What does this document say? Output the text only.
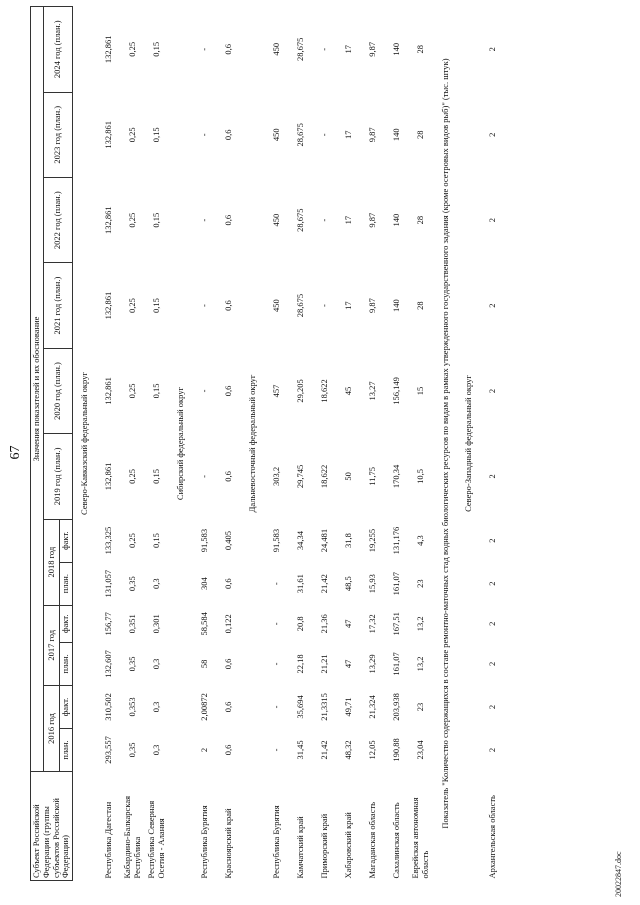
67
Субъект Российской Федерации (группы субъектов Российской Федерации)	Значения показателей и их обоснование											
	2016 год		2017 год		2018 год		2019 год (план.)	2020 год (план.)	2021 год (план.)	2022 год (план.)	2023 год (план.)	2024 год (план.)
	план.	факт.	план.	факт.	план.	факт.						
Северо-Кавказский федеральный округ												
Республика Дагестан	293,557	310,502	132,607	156,77	131,057	133,325	132,861	132,861	132,861	132,861	132,861	132,861
Кабардино-Балкарская Республика	0,35	0,353	0,35	0,351	0,35	0,25	0,25	0,25	0,25	0,25	0,25	0,25
Республика Северная Осетия - Алания	0,3	0,3	0,3	0,301	0,3	0,15	0,15	0,15	0,15	0,15	0,15	0,15
Сибирский федеральный округ												
Республика Бурятия	2	2,00872	58	58,584	304	91,583	-	-	-	-	-	-
Красноярский край	0,6	0,6	0,6	0,122	0,6	0,405	0,6	0,6	0,6	0,6	0,6	0,6
Дальневосточный федеральный округ												
Республика Бурятия	-	-	-	-	-	91,583	303,2	457	450	450	450	450
Камчатский край	31,45	35,694	22,18	20,8	31,61	34,34	29,745	29,205	28,675	28,675	28,675	28,675
Приморский край	21,42	21,3315	21,21	21,36	21,42	24,481	18,622	18,622	-	-	-	-
Хабаровский край	48,32	49,71	47	47	48,5	31,8	50	45	17	17	17	17
Магаданская область	12,05	21,324	13,29	17,32	15,93	19,255	11,75	13,27	9,87	9,87	9,87	9,87
Сахалинская область	190,88	203,938	161,07	167,51	161,07	131,176	170,34	156,149	140	140	140	140
Еврейская автономная область	23,04	23	13,2	13,2	23	4,3	10,5	15	28	28	28	28
Показатель "Количество содержащихся в составе ремонтно-маточных стад водных биологических ресурсов по видам в рамках утвержденного государственного задания (кроме осетровых видов рыб)" (тыс. штук)												
Северо-Западный федеральный округ												
Архангельская область	2	2	2	2	2	2	2	2	2	2	2	2
20022847.doc
